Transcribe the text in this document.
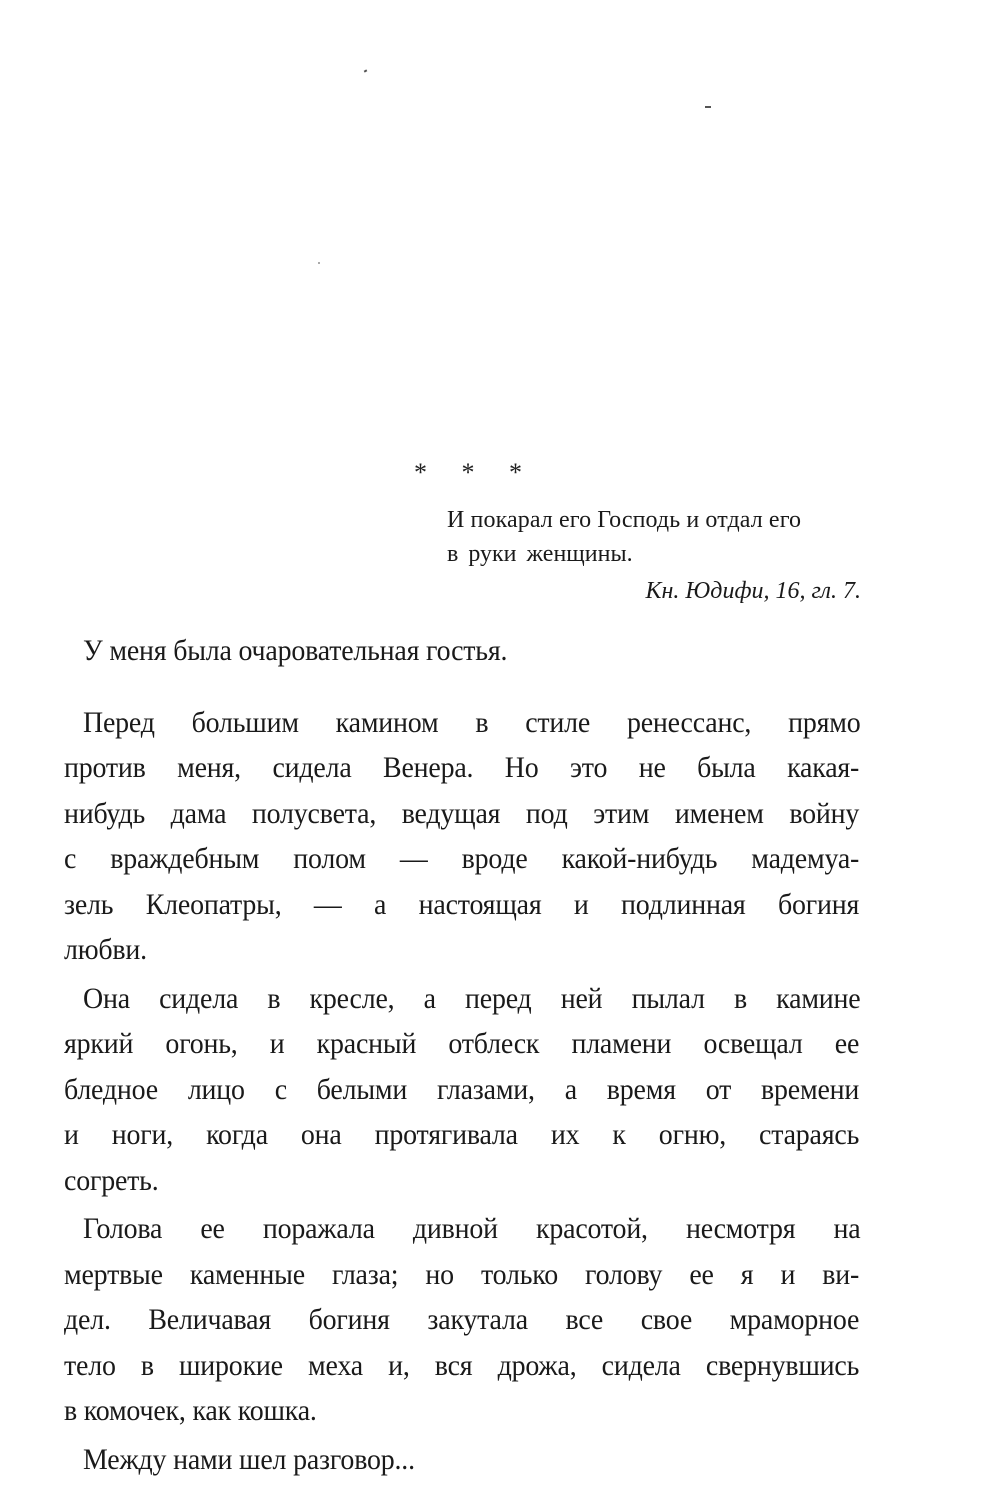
* * *
И покарал его Господь и отдал его
в руки женщины.
Кн. Юдифи, 16, гл. 7.
У меня была очаровательная гостья.
Перед большим камином в стиле ренессанс, прямо
против меня, сидела Венера. Но это не была какая-
нибудь дама полусвета, ведущая под этим именем войну
с враждебным полом — вроде какой-нибудь мадемуа-
зель Клеопатры, — а настоящая и подлинная богиня
любви.
Она сидела в кресле, а перед ней пылал в камине
яркий огонь, и красный отблеск пламени освещал ее
бледное лицо с белыми глазами, а время от времени
и ноги, когда она протягивала их к огню, стараясь
согреть.
Голова ее поражала дивной красотой, несмотря на
мертвые каменные глаза; но только голову ее я и ви-
дел. Величавая богиня закутала все свое мраморное
тело в широкие меха и, вся дрожа, сидела свернувшись
в комочек, как кошка.
Между нами шел разговор...
